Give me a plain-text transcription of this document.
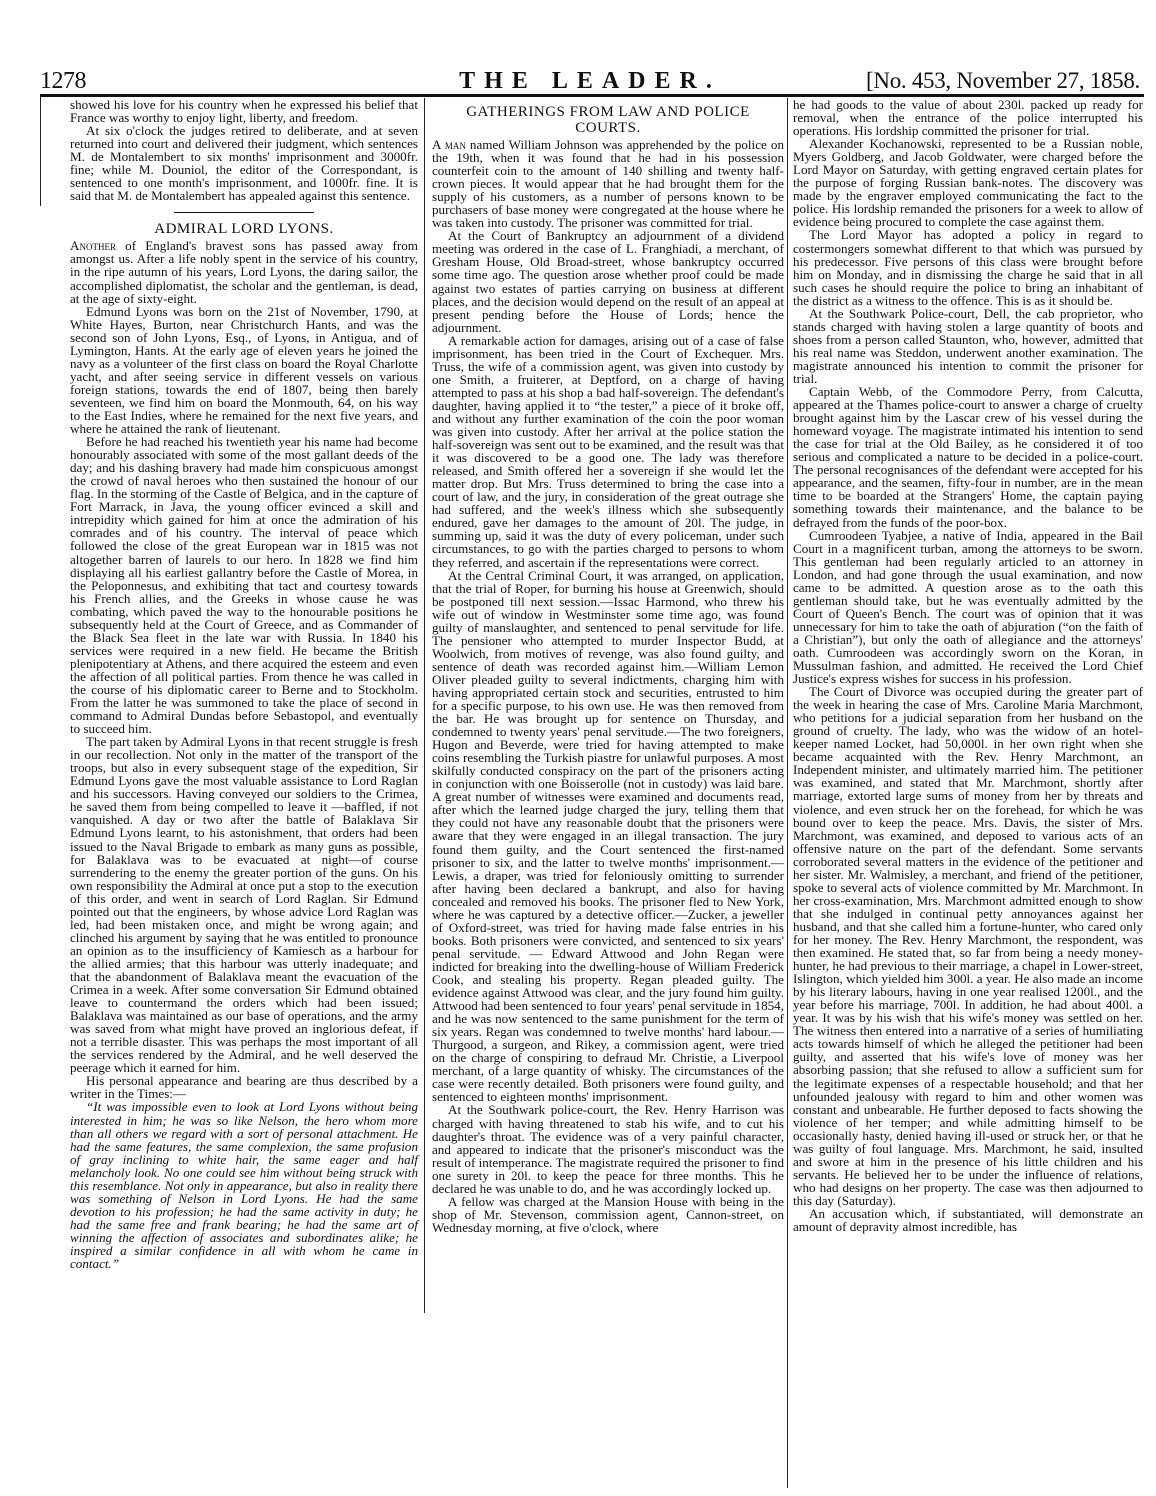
1278	THE LEADER.	[No. 453, November 27, 1858.

showed his love for his country when he expressed his belief that France was worthy to enjoy light, liberty, and freedom.

At six o'clock the judges retired to deliberate, and at seven returned into court and delivered their judgment, which sentences M. de Montalembert to six months' imprisonment and 3000fr. fine; while M. Douniol, the editor of the Correspondant, is sentenced to one month's imprisonment, and 1000fr. fine. It is said that M. de Montalembert has appealed against this sentence.

ADMIRAL LORD LYONS.

Another of England's bravest sons has passed away from amongst us. After a life nobly spent in the service of his country, in the ripe autumn of his years, Lord Lyons, the daring sailor, the accomplished diplomatist, the scholar and the gentleman, is dead, at the age of sixty-eight.

Edmund Lyons was born on the 21st of November, 1790, at White Hayes, Burton, near Christchurch Hants, and was the second son of John Lyons, Esq., of Lyons, in Antigua, and of Lymington, Hants. At the early age of eleven years he joined the navy as a volunteer of the first class on board the Royal Charlotte yacht, and after seeing service in different vessels on various foreign stations, towards the end of 1807, being then barely seventeen, we find him on board the Monmouth, 64, on his way to the East Indies, where he remained for the next five years, and where he attained the rank of lieutenant.

Before he had reached his twentieth year his name had become honourably associated with some of the most gallant deeds of the day; and his dashing bravery had made him conspicuous amongst the crowd of naval heroes who then sustained the honour of our flag. In the storming of the Castle of Belgica, and in the capture of Fort Marrack, in Java, the young officer evinced a skill and intrepidity which gained for him at once the admiration of his comrades and of his country. The interval of peace which followed the close of the great European war in 1815 was not altogether barren of laurels to our hero. In 1828 we find him displaying all his earliest gallantry before the Castle of Morea, in the Peloponnesus, and exhibiting that tact and courtesy towards his French allies, and the Greeks in whose cause he was combating, which paved the way to the honourable positions he subsequently held at the Court of Greece, and as Commander of the Black Sea fleet in the late war with Russia. In 1840 his services were required in a new field. He became the British plenipotentiary at Athens, and there acquired the esteem and even the affection of all political parties. From thence he was called in the course of his diplomatic career to Berne and to Stockholm. From the latter he was summoned to take the place of second in command to Admiral Dundas before Sebastopol, and eventually to succeed him.

The part taken by Admiral Lyons in that recent struggle is fresh in our recollection. Not only in the matter of the transport of the troops, but also in every subsequent stage of the expedition, Sir Edmund Lyons gave the most valuable assistance to Lord Raglan and his successors. Having conveyed our soldiers to the Crimea, he saved them from being compelled to leave it —baffled, if not vanquished. A day or two after the battle of Balaklava Sir Edmund Lyons learnt, to his astonishment, that orders had been issued to the Naval Brigade to embark as many guns as possible, for Balaklava was to be evacuated at night—of course surrendering to the enemy the greater portion of the guns. On his own responsibility the Admiral at once put a stop to the execution of this order, and went in search of Lord Raglan. Sir Edmund pointed out that the engineers, by whose advice Lord Raglan was led, had been mistaken once, and might be wrong again; and clinched his argument by saying that he was entitled to pronounce an opinion as to the insufficiency of Kamiesch as a harbour for the allied armies; that this harbour was utterly inadequate; and that the abandonment of Balaklava meant the evacuation of the Crimea in a week. After some conversation Sir Edmund obtained leave to countermand the orders which had been issued; Balaklava was maintained as our base of operations, and the army was saved from what might have proved an inglorious defeat, if not a terrible disaster. This was perhaps the most important of all the services rendered by the Admiral, and he well deserved the peerage which it earned for him.

His personal appearance and bearing are thus described by a writer in the Times:—

“It was impossible even to look at Lord Lyons without being interested in him; he was so like Nelson, the hero whom more than all others we regard with a sort of personal attachment. He had the same features, the same complexion, the same profusion of gray inclining to white hair, the same eager and half melancholy look. No one could see him without being struck with this resemblance. Not only in appearance, but also in reality there was something of Nelson in Lord Lyons. He had the same devotion to his profession; he had the same activity in duty; he had the same free and frank bearing; he had the same art of winning the affection of associates and subordinates alike; he inspired a similar confidence in all with whom he came in contact.”

GATHERINGS FROM LAW AND POLICE COURTS.

A man named William Johnson was apprehended by the police on the 19th, when it was found that he had in his possession counterfeit coin to the amount of 140 shilling and twenty half-crown pieces. It would appear that he had brought them for the supply of his customers, as a number of persons known to be purchasers of base money were congregated at the house where he was taken into custody. The prisoner was committed for trial.

At the Court of Bankruptcy an adjournment of a dividend meeting was ordered in the case of L. Franghiadi, a merchant, of Gresham House, Old Broad-street, whose bankruptcy occurred some time ago. The question arose whether proof could be made against two estates of parties carrying on business at different places, and the decision would depend on the result of an appeal at present pending before the House of Lords; hence the adjournment.

A remarkable action for damages, arising out of a case of false imprisonment, has been tried in the Court of Exchequer. Mrs. Truss, the wife of a commission agent, was given into custody by one Smith, a fruiterer, at Deptford, on a charge of having attempted to pass at his shop a bad half-sovereign. The defendant's daughter, having applied it to “the tester,” a piece of it broke off, and without any further examination of the coin the poor woman was given into custody. After her arrival at the police station the half-sovereign was sent out to be examined, and the result was that it was discovered to be a good one. The lady was therefore released, and Smith offered her a sovereign if she would let the matter drop. But Mrs. Truss determined to bring the case into a court of law, and the jury, in consideration of the great outrage she had suffered, and the week's illness which she subsequently endured, gave her damages to the amount of 20l. The judge, in summing up, said it was the duty of every policeman, under such circumstances, to go with the parties charged to persons to whom they referred, and ascertain if the representations were correct.

At the Central Criminal Court, it was arranged, on application, that the trial of Roper, for burning his house at Greenwich, should be postponed till next session.—Issac Harmond, who threw his wife out of window in Westminster some time ago, was found guilty of manslaughter, and sentenced to penal servitude for life. The pensioner who attempted to murder Inspector Budd, at Woolwich, from motives of revenge, was also found guilty, and sentence of death was recorded against him.—William Lemon Oliver pleaded guilty to several indictments, charging him with having appropriated certain stock and securities, entrusted to him for a specific purpose, to his own use. He was then removed from the bar. He was brought up for sentence on Thursday, and condemned to twenty years' penal servitude.—The two foreigners, Hugon and Beverde, were tried for having attempted to make coins resembling the Turkish piastre for unlawful purposes. A most skilfully conducted conspiracy on the part of the prisoners acting in conjunction with one Boisserolle (not in custody) was laid bare. A great number of witnesses were examined and documents read, after which the learned judge charged the jury, telling them that they could not have any reasonable doubt that the prisoners were aware that they were engaged in an illegal transaction. The jury found them guilty, and the Court sentenced the first-named prisoner to six, and the latter to twelve months' imprisonment.— Lewis, a draper, was tried for feloniously omitting to surrender after having been declared a bankrupt, and also for having concealed and removed his books. The prisoner fled to New York, where he was captured by a detective officer.—Zucker, a jeweller of Oxford-street, was tried for having made false entries in his books. Both prisoners were convicted, and sentenced to six years' penal servitude. — Edward Attwood and John Regan were indicted for breaking into the dwelling-house of William Frederick Cook, and stealing his property. Regan pleaded guilty. The evidence against Attwood was clear, and the jury found him guilty. Attwood had been sentenced to four years' penal servitude in 1854, and he was now sentenced to the same punishment for the term of six years. Regan was condemned to twelve months' hard labour.—Thurgood, a surgeon, and Rikey, a commission agent, were tried on the charge of conspiring to defraud Mr. Christie, a Liverpool merchant, of a large quantity of whisky. The circumstances of the case were recently detailed. Both prisoners were found guilty, and sentenced to eighteen months' imprisonment.

At the Southwark police-court, the Rev. Henry Harrison was charged with having threatened to stab his wife, and to cut his daughter's throat. The evidence was of a very painful character, and appeared to indicate that the prisoner's misconduct was the result of intemperance. The magistrate required the prisoner to find one surety in 20l. to keep the peace for three months. This he declared he was unable to do, and he was accordingly locked up.

A fellow was charged at the Mansion House with being in the shop of Mr. Stevenson, commission agent, Cannon-street, on Wednesday morning, at five o'clock, where

he had goods to the value of about 230l. packed up ready for removal, when the entrance of the police interrupted his operations. His lordship committed the prisoner for trial.

Alexander Kochanowski, represented to be a Russian noble, Myers Goldberg, and Jacob Goldwater, were charged before the Lord Mayor on Saturday, with getting engraved certain plates for the purpose of forging Russian bank-notes. The discovery was made by the engraver employed communicating the fact to the police. His lordship remanded the prisoners for a week to allow of evidence being procured to complete the case against them.

The Lord Mayor has adopted a policy in regard to costermongers somewhat different to that which was pursued by his predecessor. Five persons of this class were brought before him on Monday, and in dismissing the charge he said that in all such cases he should require the police to bring an inhabitant of the district as a witness to the offence. This is as it should be.

At the Southwark Police-court, Dell, the cab proprietor, who stands charged with having stolen a large quantity of boots and shoes from a person called Staunton, who, however, admitted that his real name was Steddon, underwent another examination. The magistrate announced his intention to commit the prisoner for trial.

Captain Webb, of the Commodore Perry, from Calcutta, appeared at the Thames police-court to answer a charge of cruelty brought against him by the Lascar crew of his vessel during the homeward voyage. The magistrate intimated his intention to send the case for trial at the Old Bailey, as he considered it of too serious and complicated a nature to be decided in a police-court. The personal recognisances of the defendant were accepted for his appearance, and the seamen, fifty-four in number, are in the mean time to be boarded at the Strangers' Home, the captain paying something towards their maintenance, and the balance to be defrayed from the funds of the poor-box.

Cumroodeen Tyabjee, a native of India, appeared in the Bail Court in a magnificent turban, among the attorneys to be sworn. This gentleman had been regularly articled to an attorney in London, and had gone through the usual examination, and now came to be admitted. A question arose as to the oath this gentleman should take, but he was eventually admitted by the Court of Queen's Bench. The court was of opinion that it was unnecessary for him to take the oath of abjuration (“on the faith of a Christian”), but only the oath of allegiance and the attorneys' oath. Cumroodeen was accordingly sworn on the Koran, in Mussulman fashion, and admitted. He received the Lord Chief Justice's express wishes for success in his profession.

The Court of Divorce was occupied during the greater part of the week in hearing the case of Mrs. Caroline Maria Marchmont, who petitions for a judicial separation from her husband on the ground of cruelty. The lady, who was the widow of an hotel-keeper named Locket, had 50,000l. in her own right when she became acquainted with the Rev. Henry Marchmont, an Independent minister, and ultimately married him. The petitioner was examined, and stated that Mr. Marchmont, shortly after marriage, extorted large sums of money from her by threats and violence, and even struck her on the forehead, for which he was bound over to keep the peace. Mrs. Davis, the sister of Mrs. Marchmont, was examined, and deposed to various acts of an offensive nature on the part of the defendant. Some servants corroborated several matters in the evidence of the petitioner and her sister. Mr. Walmisley, a merchant, and friend of the petitioner, spoke to several acts of violence committed by Mr. Marchmont. In her cross-examination, Mrs. Marchmont admitted enough to show that she indulged in continual petty annoyances against her husband, and that she called him a fortune-hunter, who cared only for her money. The Rev. Henry Marchmont, the respondent, was then examined. He stated that, so far from being a needy money-hunter, he had previous to their marriage, a chapel in Lower-street, Islington, which yielded him 300l. a year. He also made an income by his literary labours, having in one year realised 1200l., and the year before his marriage, 700l. In addition, he had about 400l. a year. It was by his wish that his wife's money was settled on her. The witness then entered into a narrative of a series of humiliating acts towards himself of which he alleged the petitioner had been guilty, and asserted that his wife's love of money was her absorbing passion; that she refused to allow a sufficient sum for the legitimate expenses of a respectable household; and that her unfounded jealousy with regard to him and other women was constant and unbearable. He further deposed to facts showing the violence of her temper; and while admitting himself to be occasionally hasty, denied having ill-used or struck her, or that he was guilty of foul language. Mrs. Marchmont, he said, insulted and swore at him in the presence of his little children and his servants. He believed her to be under the influence of relations, who had designs on her property. The case was then adjourned to this day (Saturday).

An accusation which, if substantiated, will demonstrate an amount of depravity almost incredible, has
